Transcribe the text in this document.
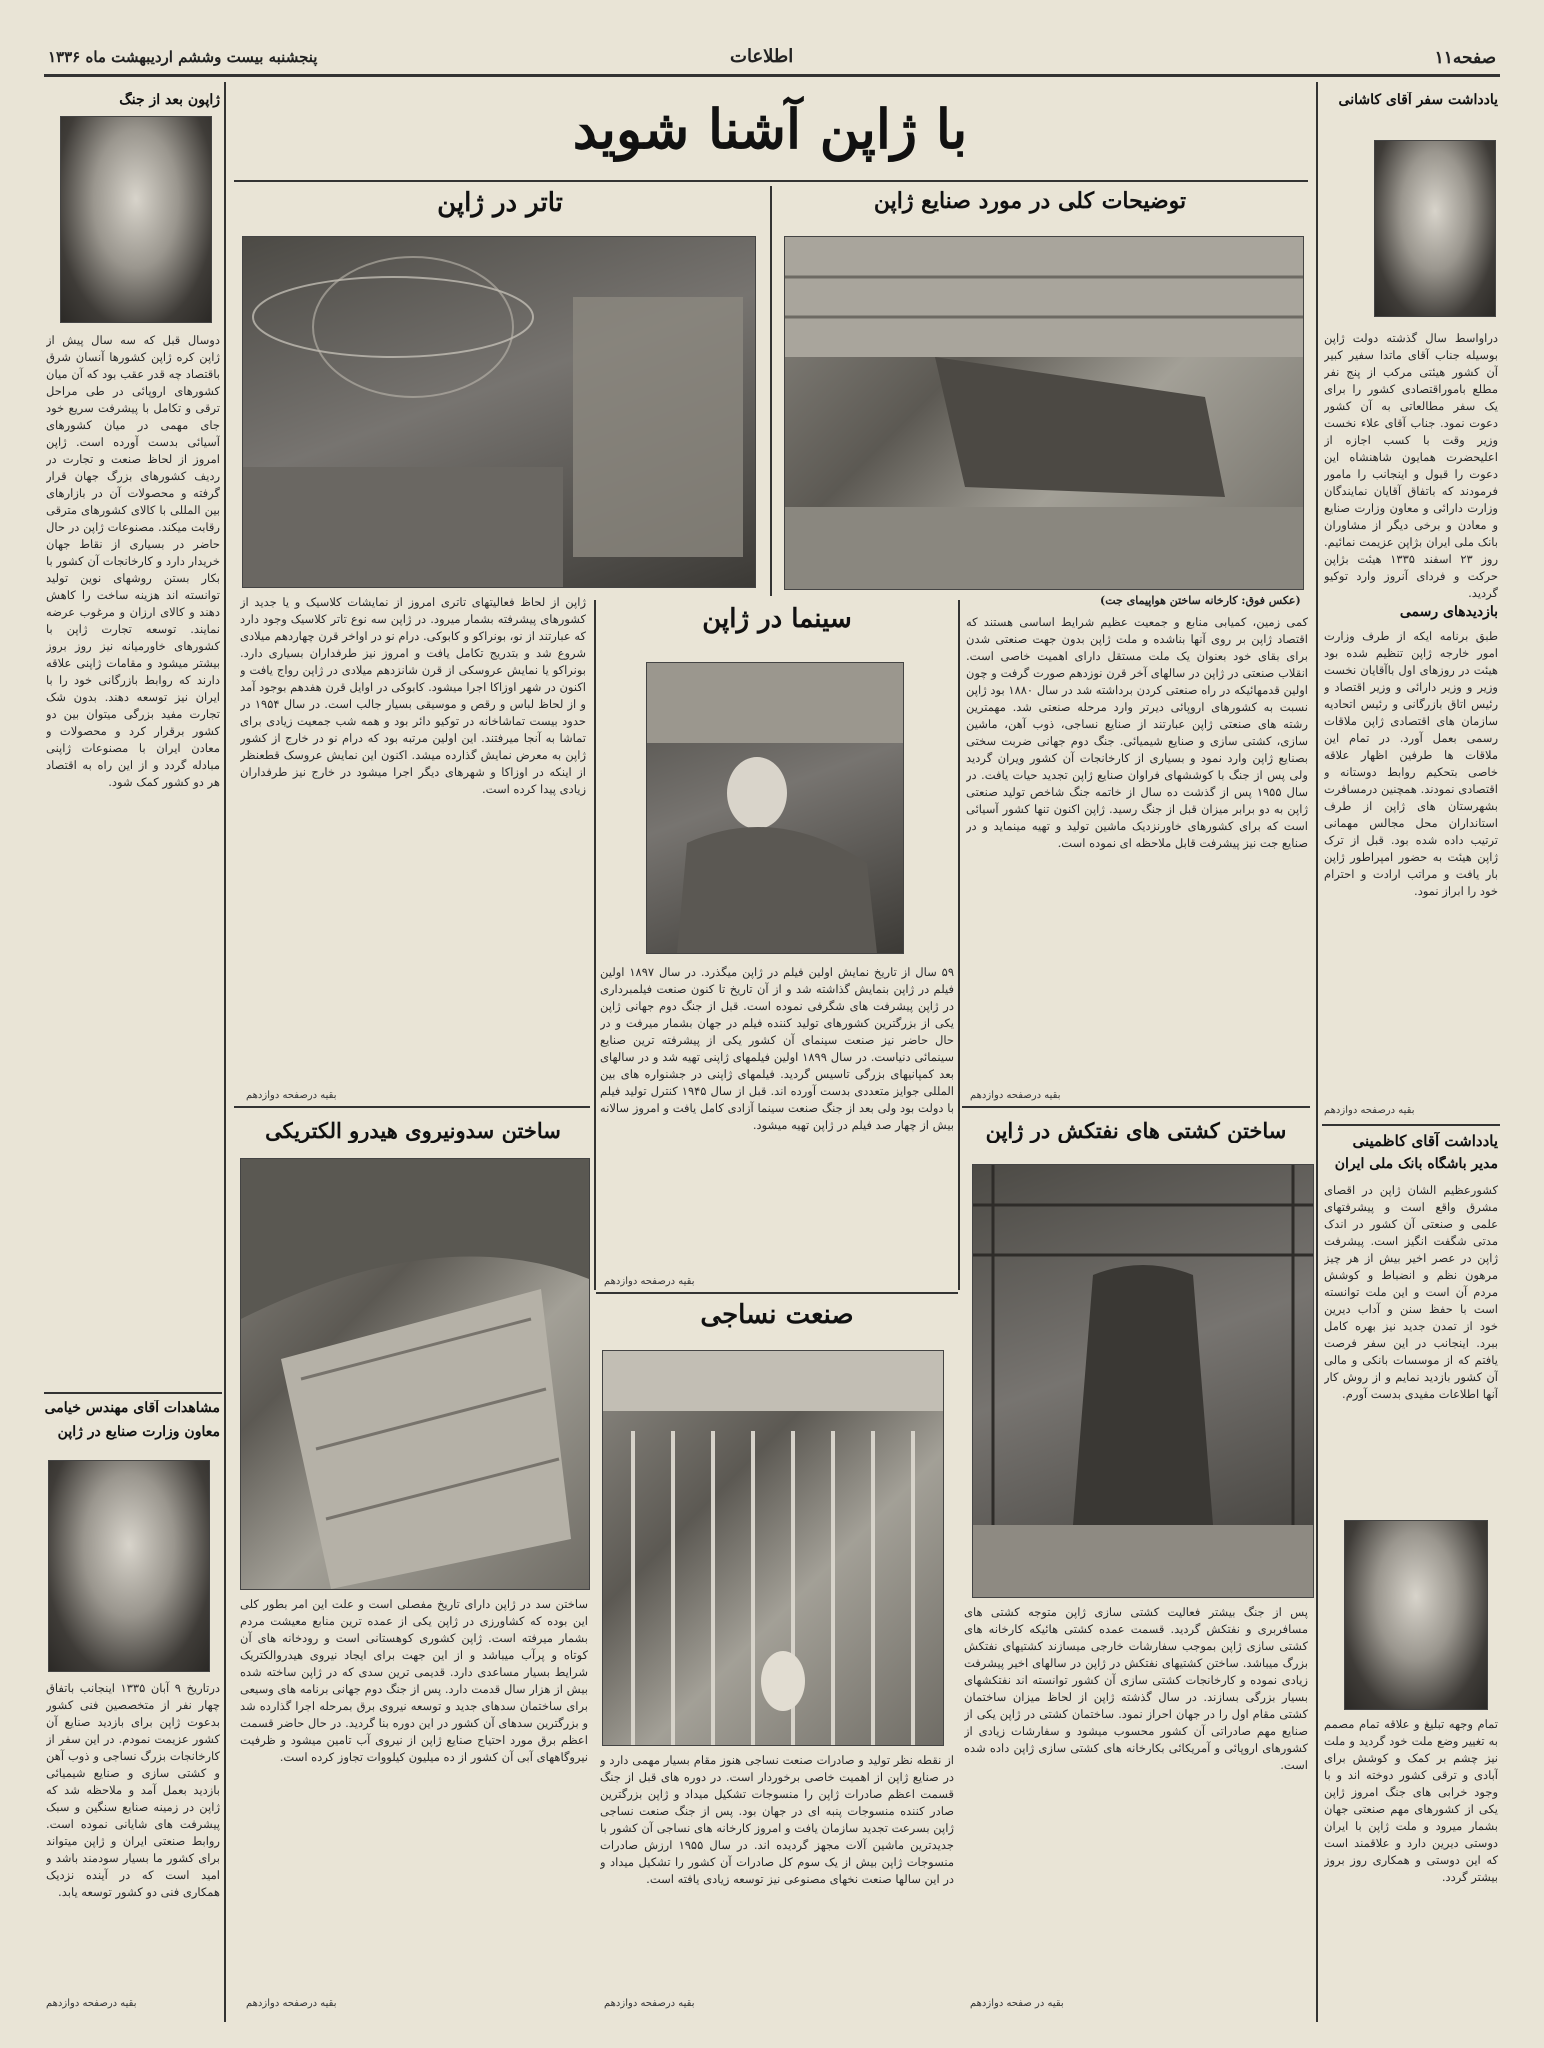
صفحه۱۱
اطلاعات
پنجشنبه بیست وششم اردیبهشت ماه ۱۳۳۶
با ژاپن آشنا شوید	یادداشت سفر آقای کاشانی
دراواسط سال گذشته دولت ژاپن بوسیله جناب آقای ماتدا سفیر کبیر آن کشور هیئتی مرکب از پنج نفر مطلع باموراقتصادی کشور را برای یک سفر مطالعاتی به آن کشور دعوت نمود. جناب آقای علاء نخست وزیر وقت با کسب اجازه از اعلیحضرت همایون شاهنشاه این دعوت را قبول و اینجانب را مامور فرمودند که باتفاق آقایان نمایندگان وزارت دارائی و معاون وزارت صنایع و معادن و برخی دیگر از مشاوران بانک ملی ایران بژاپن عزیمت نمائیم. روز ۲۳ اسفند ۱۳۳۵ هیئت بژاپن حرکت و فردای آنروز وارد توکیو گردید.
بازدیدهای رسمی
طبق برنامه ایکه از طرف وزارت امور خارجه ژاپن تنظیم شده بود هیئت در روزهای اول باآقایان نخست وزیر و وزیر دارائی و وزیر اقتصاد و رئیس اتاق بازرگانی و رئیس اتحادیه سازمان های اقتصادی ژاپن ملاقات رسمی بعمل آورد. در تمام این ملاقات ها طرفین اظهار علاقه خاصی بتحکیم روابط دوستانه و اقتصادی نمودند. همچنین درمسافرت بشهرستان های ژاپن از طرف استانداران محل مجالس مهمانی ترتیب داده شده بود. قبل از ترک ژاپن هیئت به حضور امپراطور ژاپن بار یافت و مراتب ارادت و احترام خود را ابراز نمود.
بقیه درصفحه دوازدهم
یادداشت آقای کاظمینی
مدیر باشگاه بانک ملی ایران
کشورعظیم الشان ژاپن در اقصای مشرق واقع است و پیشرفتهای علمی و صنعتی آن کشور در اندک مدتی شگفت انگیز است. پیشرفت ژاپن در عصر اخیر بیش از هر چیز مرهون نظم و انضباط و کوشش مردم آن است و این ملت توانسته است با حفظ سنن و آداب دیرین خود از تمدن جدید نیز بهره کامل ببرد. اینجانب در این سفر فرصت یافتم که از موسسات بانکی و مالی آن کشور بازدید نمایم و از روش کار آنها اطلاعات مفیدی بدست آورم.
تمام وجهه تبلیغ و علاقه تمام مصمم به تغییر وضع ملت خود گردید و ملت نیز چشم بر کمک و کوشش برای آبادی و ترقی کشور دوخته اند و با وجود خرابی های جنگ امروز ژاپن یکی از کشورهای مهم صنعتی جهان بشمار میرود و ملت ژاپن با ایران دوستی دیرین دارد و علاقمند است که این دوستی و همکاری روز بروز بیشتر گردد.
ژاپون بعد از جنگ
دوسال قبل که سه سال پیش از ژاپن کره ژاپن کشورها آنسان شرق باقتصاد چه قدر عقب بود که آن میان کشورهای اروپائی در طی مراحل ترقی و تکامل با پیشرفت سریع خود جای مهمی در میان کشورهای آسیائی بدست آورده است. ژاپن امروز از لحاظ صنعت و تجارت در ردیف کشورهای بزرگ جهان قرار گرفته و محصولات آن در بازارهای بین المللی با کالای کشورهای مترقی رقابت میکند. مصنوعات ژاپن در حال حاضر در بسیاری از نقاط جهان خریدار دارد و کارخانجات آن کشور با بکار بستن روشهای نوین تولید توانسته اند هزینه ساخت را کاهش دهند و کالای ارزان و مرغوب عرضه نمایند. توسعه تجارت ژاپن با کشورهای خاورمیانه نیز روز بروز بیشتر میشود و مقامات ژاپنی علاقه دارند که روابط بازرگانی خود را با ایران نیز توسعه دهند. بدون شک تجارت مفید بزرگی میتوان بین دو کشور برقرار کرد و محصولات و معادن ایران با مصنوعات ژاپنی مبادله گردد و از این راه به اقتصاد هر دو کشور کمک شود.
مشاهدات آقای مهندس خیامی
معاون وزارت صنایع در ژاپن
درتاریخ ۹ آبان ۱۳۳۵ اینجانب باتفاق چهار نفر از متخصصین فنی کشور بدعوت ژاپن برای بازدید صنایع آن کشور عزیمت نمودم. در این سفر از کارخانجات بزرگ نساجی و ذوب آهن و کشتی سازی و صنایع شیمیائی بازدید بعمل آمد و ملاحظه شد که ژاپن در زمینه صنایع سنگین و سبک پیشرفت های شایانی نموده است. روابط صنعتی ایران و ژاپن میتواند برای کشور ما بسیار سودمند باشد و امید است که در آینده نزدیک همکاری فنی دو کشور توسعه یابد.
بقیه درصفحه دوازدهم
تاتر در ژاپن
ژاپن از لحاظ فعالیتهای تاتری امروز از نمایشات کلاسیک و یا جدید از کشورهای پیشرفته بشمار میرود. در ژاپن سه نوع تاتر کلاسیک وجود دارد که عبارتند از نو، بونراکو و کابوکی. درام نو در اواخر قرن چهاردهم میلادی شروع شد و بتدریج تکامل یافت و امروز نیز طرفداران بسیاری دارد. بونراکو یا نمایش عروسکی از قرن شانزدهم میلادی در ژاپن رواج یافت و اکنون در شهر اوزاکا اجرا میشود. کابوکی در اوایل قرن هفدهم بوجود آمد و از لحاظ لباس و رقص و موسیقی بسیار جالب است. در سال ۱۹۵۴ در حدود بیست تماشاخانه در توکیو دائر بود و همه شب جمعیت زیادی برای تماشا به آنجا میرفتند. این اولین مرتبه بود که درام نو در خارج از کشور ژاپن به معرض نمایش گذارده میشد. اکنون این نمایش عروسک قطعنظر از اینکه در اوزاکا و شهرهای دیگر اجرا میشود در خارج نیز طرفداران زیادی پیدا کرده است.
بقیه درصفحه دوازدهم
توضیحات کلی در مورد صنایع ژاپن
(عکس فوق: کارخانه ساختن هواپیمای جت)
کمی زمین، کمیابی منابع و جمعیت عظیم شرایط اساسی هستند که اقتصاد ژاپن بر روی آنها بناشده و ملت ژاپن بدون جهت صنعتی شدن برای بقای خود بعنوان یک ملت مستقل دارای اهمیت خاصی است. انقلاب صنعتی در ژاپن در سالهای آخر قرن نوزدهم صورت گرفت و چون اولین قدمهائیکه در راه صنعتی کردن برداشته شد در سال ۱۸۸۰ بود ژاپن نسبت به کشورهای اروپائی دیرتر وارد مرحله صنعتی شد. مهمترین رشته های صنعتی ژاپن عبارتند از صنایع نساجی، ذوب آهن، ماشین سازی، کشتی سازی و صنایع شیمیائی. جنگ دوم جهانی ضربت سختی بصنایع ژاپن وارد نمود و بسیاری از کارخانجات آن کشور ویران گردید ولی پس از جنگ با کوششهای فراوان صنایع ژاپن تجدید حیات یافت. در سال ۱۹۵۵ پس از گذشت ده سال از خاتمه جنگ شاخص تولید صنعتی ژاپن به دو برابر میزان قبل از جنگ رسید. ژاپن اکنون تنها کشور آسیائی است که برای کشورهای خاورنزدیک ماشین تولید و تهیه مینماید و در صنایع جت نیز پیشرفت قابل ملاحظه ای نموده است.
بقیه درصفحه دوازدهم
سینما در ژاپن
۵۹ سال از تاریخ نمایش اولین فیلم در ژاپن میگذرد. در سال ۱۸۹۷ اولین فیلم در ژاپن بنمایش گذاشته شد و از آن تاریخ تا کنون صنعت فیلمبرداری در ژاپن پیشرفت های شگرفی نموده است. قبل از جنگ دوم جهانی ژاپن یکی از بزرگترین کشورهای تولید کننده فیلم در جهان بشمار میرفت و در حال حاضر نیز صنعت سینمای آن کشور یکی از پیشرفته ترین صنایع سینمائی دنیاست. در سال ۱۸۹۹ اولین فیلمهای ژاپنی تهیه شد و در سالهای بعد کمپانیهای بزرگی تاسیس گردید. فیلمهای ژاپنی در جشنواره های بین المللی جوایز متعددی بدست آورده اند. قبل از سال ۱۹۴۵ کنترل تولید فیلم با دولت بود ولی بعد از جنگ صنعت سینما آزادی کامل یافت و امروز سالانه بیش از چهار صد فیلم در ژاپن تهیه میشود.
بقیه درصفحه دوازدهم
ساختن سدونیروی هیدرو الکتریکی
ساختن سد در ژاپن دارای تاریخ مفصلی است و علت این امر بطور کلی این بوده که کشاورزی در ژاپن یکی از عمده ترین منابع معیشت مردم بشمار میرفته است. ژاپن کشوری کوهستانی است و رودخانه های آن کوتاه و پرآب میباشد و از این جهت برای ایجاد نیروی هیدروالکتریک شرایط بسیار مساعدی دارد. قدیمی ترین سدی که در ژاپن ساخته شده بیش از هزار سال قدمت دارد. پس از جنگ دوم جهانی برنامه های وسیعی برای ساختمان سدهای جدید و توسعه نیروی برق بمرحله اجرا گذارده شد و بزرگترین سدهای آن کشور در این دوره بنا گردید. در حال حاضر قسمت اعظم برق مورد احتیاج صنایع ژاپن از نیروی آب تامین میشود و ظرفیت نیروگاههای آبی آن کشور از ده میلیون کیلووات تجاوز کرده است.
بقیه درصفحه دوازدهم
صنعت نساجی
از نقطه نظر تولید و صادرات صنعت نساجی هنوز مقام بسیار مهمی دارد و در صنایع ژاپن از اهمیت خاصی برخوردار است. در دوره های قبل از جنگ قسمت اعظم صادرات ژاپن را منسوجات تشکیل میداد و ژاپن بزرگترین صادر کننده منسوجات پنبه ای در جهان بود. پس از جنگ صنعت نساجی ژاپن بسرعت تجدید سازمان یافت و امروز کارخانه های نساجی آن کشور با جدیدترین ماشین آلات مجهز گردیده اند. در سال ۱۹۵۵ ارزش صادرات منسوجات ژاپن بیش از یک سوم کل صادرات آن کشور را تشکیل میداد و در این سالها صنعت نخهای مصنوعی نیز توسعه زیادی یافته است.
بقیه درصفحه دوازدهم
ساختن کشتی های نفتکش در ژاپن
پس از جنگ بیشتر فعالیت کشتی سازی ژاپن متوجه کشتی های مسافربری و نفتکش گردید. قسمت عمده کشتی هائیکه کارخانه های کشتی سازی ژاپن بموجب سفارشات خارجی میسازند کشتیهای نفتکش بزرگ میباشد. ساختن کشتیهای نفتکش در ژاپن در سالهای اخیر پیشرفت زیادی نموده و کارخانجات کشتی سازی آن کشور توانسته اند نفتکشهای بسیار بزرگی بسازند. در سال گذشته ژاپن از لحاظ میزان ساختمان کشتی مقام اول را در جهان احراز نمود. ساختمان کشتی در ژاپن یکی از صنایع مهم صادراتی آن کشور محسوب میشود و سفارشات زیادی از کشورهای اروپائی و آمریکائی بکارخانه های کشتی سازی ژاپن داده شده است.
بقیه در صفحه دوازدهم
